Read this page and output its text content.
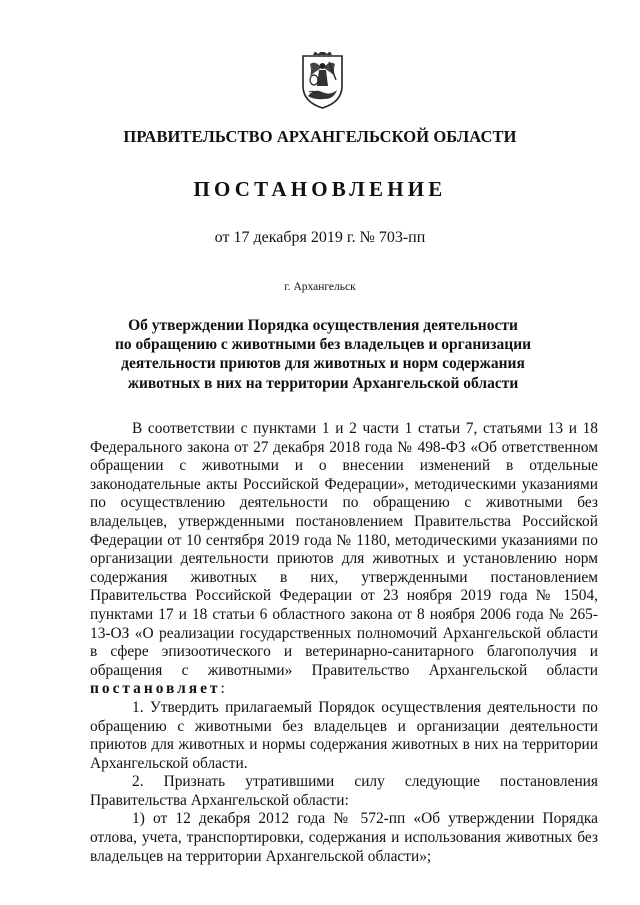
ПРАВИТЕЛЬСТВО АРХАНГЕЛЬСКОЙ ОБЛАСТИ
ПОСТАНОВЛЕНИЕ
от 17 декабря 2019 г. № 703-пп
г. Архангельск
Об утверждении Порядка осуществления деятельности
по обращению с животными без владельцев и организации
деятельности приютов для животных и норм содержания
животных в них на территории Архангельской области

В соответствии с пунктами 1 и 2 части 1 статьи 7, статьями 13 и 18 Федерального закона от 27 декабря 2018 года № 498-ФЗ «Об ответственном обращении с животными и о внесении изменений в отдельные законодательные акты Российской Федерации», методическими указаниями по осуществлению деятельности по обращению с животными без владельцев, утвержденными постановлением Правительства Российской Федерации от 10 сентября 2019 года № 1180, методическими указаниями по организации деятельности приютов для животных и установлению норм содержания животных в них, утвержденными постановлением Правительства Российской Федерации от 23 ноября 2019 года № 1504, пунктами 17 и 18 статьи 6 областного закона от 8 ноября 2006 года № 265-13-ОЗ «О реализации государственных полномочий Архангельской области в сфере эпизоотического и ветеринарно-санитарного благополучия и обращения с животными» Правительство Архангельской области постановляет:

1. Утвердить прилагаемый Порядок осуществления деятельности по обращению с животными без владельцев и организации деятельности приютов для животных и нормы содержания животных в них на территории Архангельской области.

2. Признать утратившими силу следующие постановления Правительства Архангельской области:

1) от 12 декабря 2012 года № 572-пп «Об утверждении Порядка отлова, учета, транспортировки, содержания и использования животных без владельцев на территории Архангельской области»;
